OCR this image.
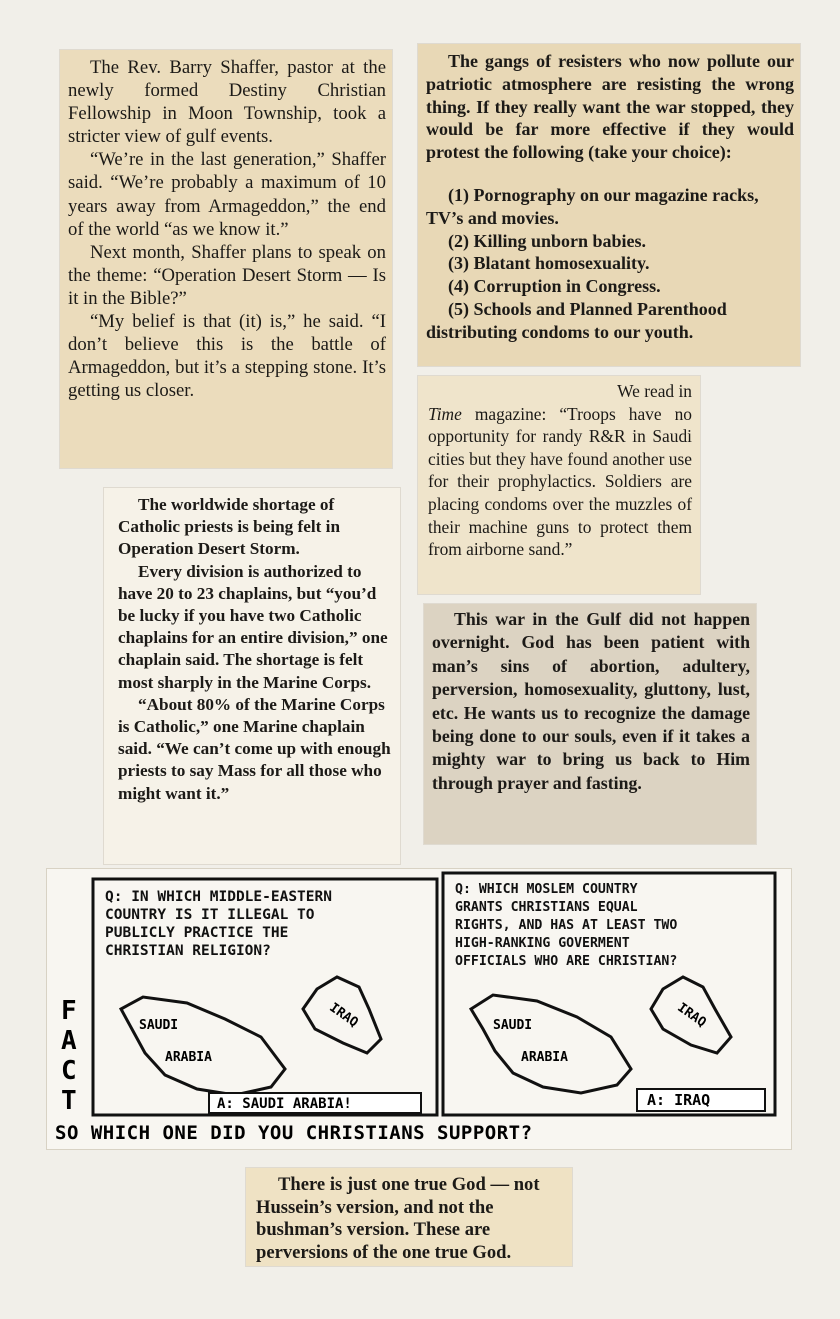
The Rev. Barry Shaffer, pastor at the newly formed Destiny Christian Fellowship in Moon Township, took a stricter view of gulf events.

“We’re in the last generation,” Shaffer said. “We’re probably a maximum of 10 years away from Armageddon,” the end of the world “as we know it.”

Next month, Shaffer plans to speak on the theme: “Operation Desert Storm — Is it in the Bible?”

“My belief is that (it) is,” he said. “I don’t believe this is the battle of Armageddon, but it’s a stepping stone. It’s getting us closer.

The gangs of resisters who now pollute our patriotic atmosphere are resisting the wrong thing. If they really want the war stopped, they would be far more effective if they would protest the following (take your choice):

(1) Pornography on our magazine racks, TV’s and movies.

(2) Killing unborn babies.

(3) Blatant homosexuality.

(4) Corruption in Congress.

(5) Schools and Planned Parenthood distributing condoms to our youth.

We read in

Time magazine: “Troops have no opportunity for randy R&R in Saudi cities but they have found another use for their prophylactics. Soldiers are placing condoms over the muzzles of their machine guns to protect them from airborne sand.”

The worldwide shortage of Catholic priests is being felt in Operation Desert Storm.

Every division is authorized to have 20 to 23 chaplains, but “you’d be lucky if you have two Catholic chaplains for an entire division,” one chaplain said. The shortage is felt most sharply in the Marine Corps.

“About 80% of the Marine Corps is Catholic,” one Marine chaplain said. “We can’t come up with enough priests to say Mass for all those who might want it.”

This war in the Gulf did not happen overnight. God has been patient with man’s sins of abortion, adultery, perversion, homosexuality, gluttony, lust, etc. He wants us to recognize the damage being done to our souls, even if it takes a mighty war to bring us back to Him through prayer and fasting.

F A C T
Q: IN WHICH MIDDLE-EASTERN COUNTRY IS IT ILLEGAL TO PUBLICLY PRACTICE THE CHRISTIAN RELIGION?
SAUDI
ARABIA
IRAQ
A: SAUDI ARABIA!
Q: WHICH MOSLEM COUNTRY GRANTS CHRISTIANS EQUAL RIGHTS, AND HAS AT LEAST TWO HIGH-RANKING GOVERMENT OFFICIALS WHO ARE CHRISTIAN?
SAUDI
ARABIA
IRAQ
A: IRAQ
SO WHICH ONE DID YOU CHRISTIANS SUPPORT?

There is just one true God — not Hussein’s version, and not the bushman’s version. These are perversions of the one true God.
